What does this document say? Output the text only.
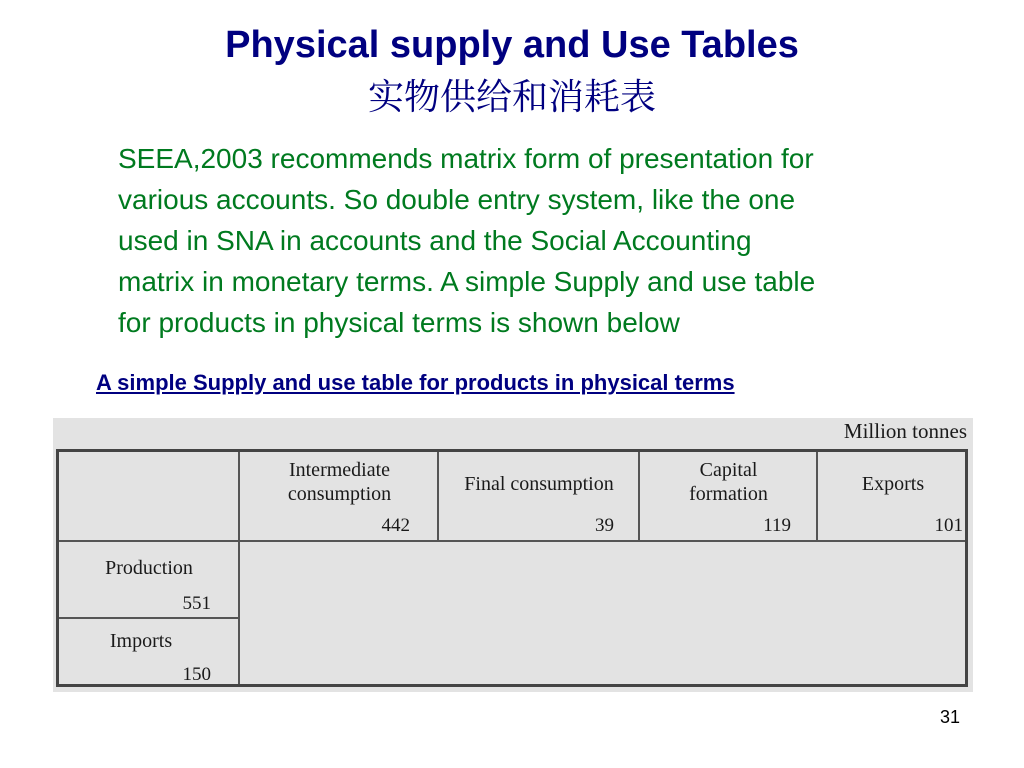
Physical supply and Use Tables
实物供给和消耗表
SEEA,2003 recommends matrix form of presentation for
various accounts. So double entry system, like the one
used in SNA in accounts and the Social Accounting
matrix in monetary terms. A simple Supply and use table
for products in physical terms is shown below
A simple Supply and use table for products in physical terms
Million tonnes
Intermediate
consumption
442
Final consumption
39
Capital
formation
119
Exports
101
Production
551
Imports
150
31
